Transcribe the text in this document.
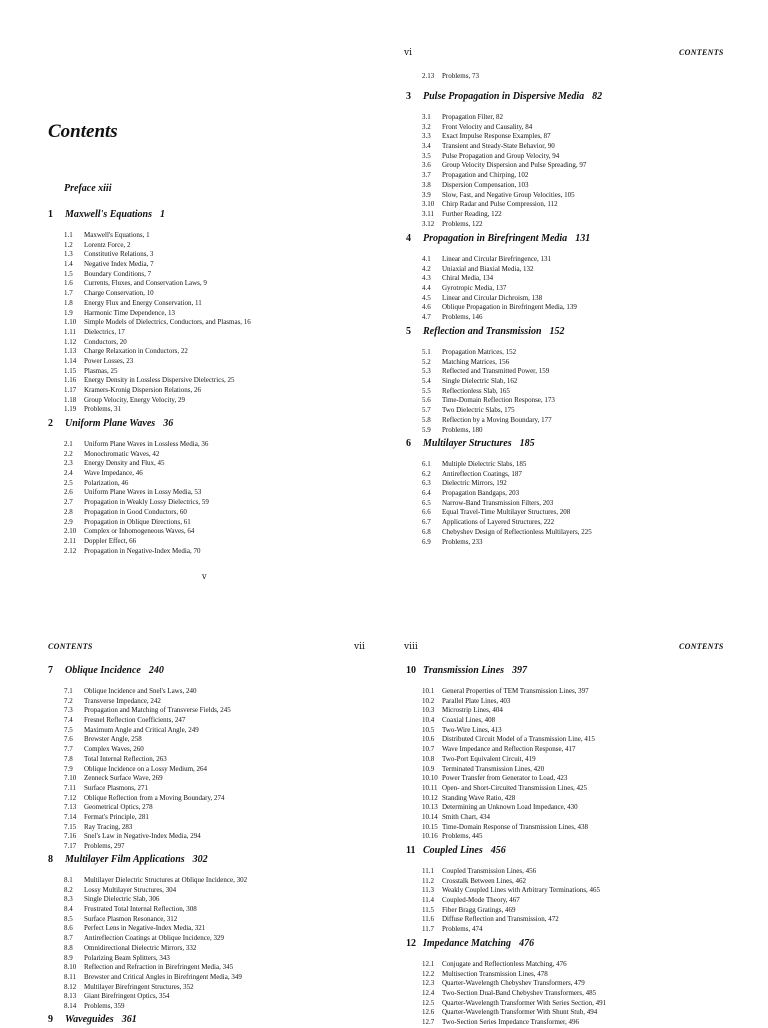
Contents
Preface xiii
1 Maxwell's Equations 1
1.1 Maxwell's Equations, 1
1.2 Lorentz Force, 2
1.3 Constitutive Relations, 3
1.4 Negative Index Media, 7
1.5 Boundary Conditions, 7
1.6 Currents, Fluxes, and Conservation Laws, 9
1.7 Charge Conservation, 10
1.8 Energy Flux and Energy Conservation, 11
1.9 Harmonic Time Dependence, 13
1.10 Simple Models of Dielectrics, Conductors, and Plasmas, 16
1.11 Dielectrics, 17
1.12 Conductors, 20
1.13 Charge Relaxation in Conductors, 22
1.14 Power Losses, 23
1.15 Plasmas, 25
1.16 Energy Density in Lossless Dispersive Dielectrics, 25
1.17 Kramers-Kronig Dispersion Relations, 26
1.18 Group Velocity, Energy Velocity, 29
1.19 Problems, 31
2 Uniform Plane Waves 36
2.1 Uniform Plane Waves in Lossless Media, 36
2.2 Monochromatic Waves, 42
2.3 Energy Density and Flux, 45
2.4 Wave Impedance, 46
2.5 Polarization, 46
2.6 Uniform Plane Waves in Lossy Media, 53
2.7 Propagation in Weakly Lossy Dielectrics, 59
2.8 Propagation in Good Conductors, 60
2.9 Propagation in Oblique Directions, 61
2.10 Complex or Inhomogeneous Waves, 64
2.11 Doppler Effect, 66
2.12 Propagation in Negative-Index Media, 70
v
vi	CONTENTS
2.13 Problems, 73
3 Pulse Propagation in Dispersive Media 82
3.1 Propagation Filter, 82
3.2 Front Velocity and Causality, 84
3.3 Exact Impulse Response Examples, 87
3.4 Transient and Steady-State Behavior, 90
3.5 Pulse Propagation and Group Velocity, 94
3.6 Group Velocity Dispersion and Pulse Spreading, 97
3.7 Propagation and Chirping, 102
3.8 Dispersion Compensation, 103
3.9 Slow, Fast, and Negative Group Velocities, 105
3.10 Chirp Radar and Pulse Compression, 112
3.11 Further Reading, 122
3.12 Problems, 122
4 Propagation in Birefringent Media 131
4.1 Linear and Circular Birefringence, 131
4.2 Uniaxial and Biaxial Media, 132
4.3 Chiral Media, 134
4.4 Gyrotropic Media, 137
4.5 Linear and Circular Dichroism, 138
4.6 Oblique Propagation in Birefringent Media, 139
4.7 Problems, 146
5 Reflection and Transmission 152
5.1 Propagation Matrices, 152
5.2 Matching Matrices, 156
5.3 Reflected and Transmitted Power, 159
5.4 Single Dielectric Slab, 162
5.5 Reflectionless Slab, 165
5.6 Time-Domain Reflection Response, 173
5.7 Two Dielectric Slabs, 175
5.8 Reflection by a Moving Boundary, 177
5.9 Problems, 180
6 Multilayer Structures 185
6.1 Multiple Dielectric Slabs, 185
6.2 Antireflection Coatings, 187
6.3 Dielectric Mirrors, 192
6.4 Propagation Bandgaps, 203
6.5 Narrow-Band Transmission Filters, 203
6.6 Equal Travel-Time Multilayer Structures, 208
6.7 Applications of Layered Structures, 222
6.8 Chebyshev Design of Reflectionless Multilayers, 225
6.9 Problems, 233
CONTENTS	vii
7 Oblique Incidence 240
7.1 Oblique Incidence and Snel's Laws, 240
7.2 Transverse Impedance, 242
7.3 Propagation and Matching of Transverse Fields, 245
7.4 Fresnel Reflection Coefficients, 247
7.5 Maximum Angle and Critical Angle, 249
7.6 Brewster Angle, 258
7.7 Complex Waves, 260
7.8 Total Internal Reflection, 263
7.9 Oblique Incidence on a Lossy Medium, 264
7.10 Zenneck Surface Wave, 269
7.11 Surface Plasmons, 271
7.12 Oblique Reflection from a Moving Boundary, 274
7.13 Geometrical Optics, 278
7.14 Fermat's Principle, 281
7.15 Ray Tracing, 283
7.16 Snel's Law in Negative-Index Media, 294
7.17 Problems, 297
8 Multilayer Film Applications 302
8.1 Multilayer Dielectric Structures at Oblique Incidence, 302
8.2 Lossy Multilayer Structures, 304
8.3 Single Dielectric Slab, 306
8.4 Frustrated Total Internal Reflection, 308
8.5 Surface Plasmon Resonance, 312
8.6 Perfect Lens in Negative-Index Media, 321
8.7 Antireflection Coatings at Oblique Incidence, 329
8.8 Omnidirectional Dielectric Mirrors, 332
8.9 Polarizing Beam Splitters, 343
8.10 Reflection and Refraction in Birefringent Media, 345
8.11 Brewster and Critical Angles in Birefringent Media, 349
8.12 Multilayer Birefringent Structures, 352
8.13 Giant Birefringent Optics, 354
8.14 Problems, 359
9 Waveguides 361
viii	CONTENTS
10 Transmission Lines 397
10.1 General Properties of TEM Transmission Lines, 397
10.2 Parallel Plate Lines, 403
10.3 Microstrip Lines, 404
10.4 Coaxial Lines, 408
10.5 Two-Wire Lines, 413
10.6 Distributed Circuit Model of a Transmission Line, 415
10.7 Wave Impedance and Reflection Response, 417
10.8 Two-Port Equivalent Circuit, 419
10.9 Terminated Transmission Lines, 420
10.10 Power Transfer from Generator to Load, 423
10.11 Open- and Short-Circuited Transmission Lines, 425
10.12 Standing Wave Ratio, 428
10.13 Determining an Unknown Load Impedance, 430
10.14 Smith Chart, 434
10.15 Time-Domain Response of Transmission Lines, 438
10.16 Problems, 445
11 Coupled Lines 456
11.1 Coupled Transmission Lines, 456
11.2 Crosstalk Between Lines, 462
11.3 Weakly Coupled Lines with Arbitrary Terminations, 465
11.4 Coupled-Mode Theory, 467
11.5 Fiber Bragg Gratings, 469
11.6 Diffuse Reflection and Transmission, 472
11.7 Problems, 474
12 Impedance Matching 476
12.1 Conjugate and Reflectionless Matching, 476
12.2 Multisection Transmission Lines, 478
12.3 Quarter-Wavelength Chebyshev Transformers, 479
12.4 Two-Section Dual-Band Chebyshev Transformers, 485
12.5 Quarter-Wavelength Transformer With Series Section, 491
12.6 Quarter-Wavelength Transformer With Shunt Stub, 494
12.7 Two-Section Series Impedance Transformer, 496
